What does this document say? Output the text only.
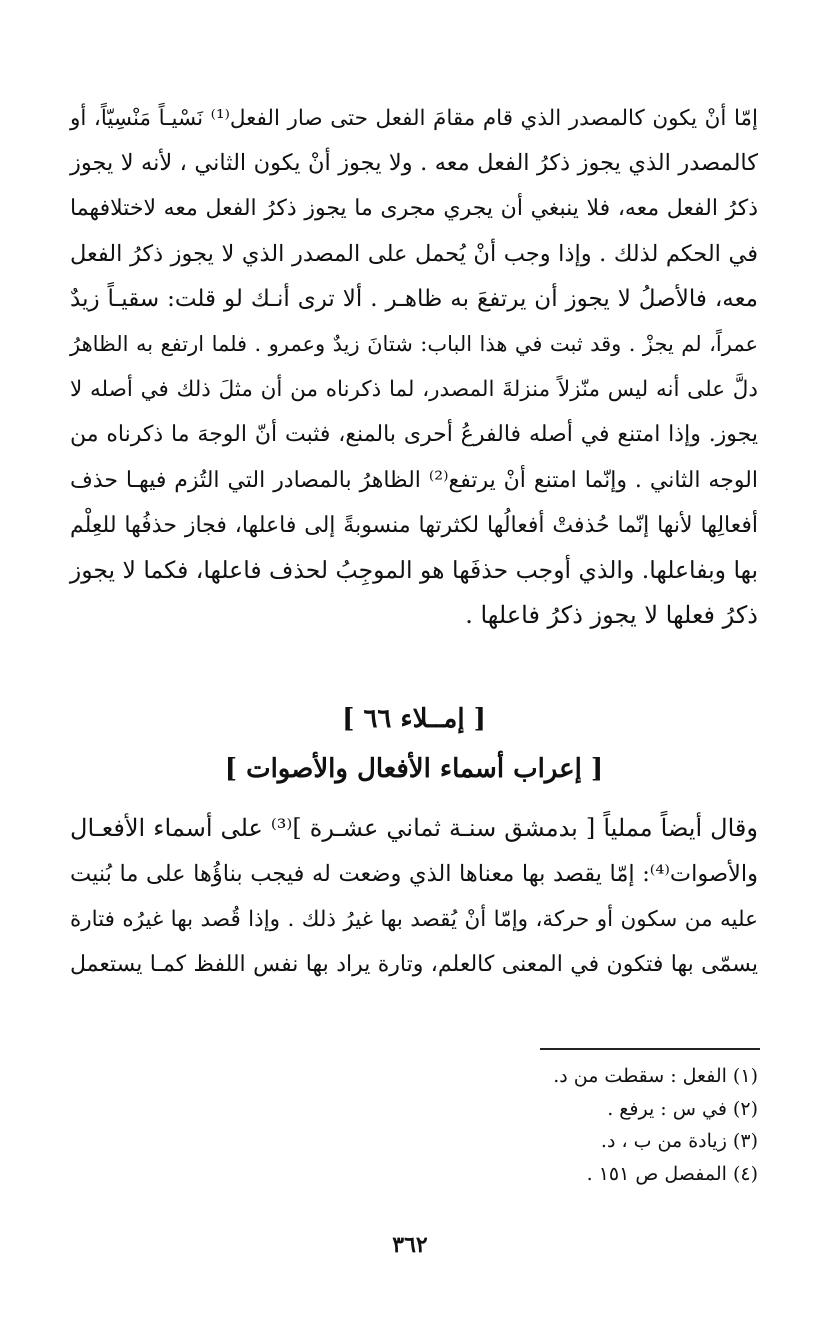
إمّا أنْ يكون كالمصدر الذي قام مقامَ الفعل حتى صار الفعل⁽¹⁾ نَسْيـاً مَنْسِيّاً، أو
كالمصدر الذي يجوز ذكرُ الفعل معه . ولا يجوز أنْ يكون الثاني ، لأنه لا يجوز
ذكرُ الفعل معه، فلا ينبغي أن يجري مجرى ما يجوز ذكرُ الفعل معه لاختلافهما
في الحكم لذلك . وإذا وجب أنْ يُحمل على المصدر الذي لا يجوز ذكرُ الفعل
معه، فالأصلُ لا يجوز أن يرتفعَ به ظاهـر . ألا ترى أنـك لو قلت: سقيـاً زيدٌ
عمراً، لم يجزْ . وقد ثبت في هذا الباب: شتانَ زيدٌ وعمرو . فلما ارتفع به الظاهرُ
دلَّ على أنه ليس منّزلاً منزلةَ المصدر، لما ذكرناه من أن مثلَ ذلك في أصله لا
يجوز. وإذا امتنع في أصله فالفرعُ أحرى بالمنع، فثبت أنّ الوجهَ ما ذكرناه من
الوجه الثاني . وإنّما امتنع أنْ يرتفع⁽²⁾ الظاهرُ بالمصادر التي التُزم فيهـا حذف
أفعالِها لأنها إنّما حُذفتْ أفعالُها لكثرتها منسوبةً إلى فاعلها، فجاز حذفُها للعِلْم
بها وبفاعلها. والذي أوجب حذفَها هو الموجِبُ لحذف فاعلها، فكما لا يجوز
ذكرُ فعلها لا يجوز ذكرُ فاعلها .

[ إمــلاء ٦٦ ]
[ إعراب أسماء الأفعال والأصوات ]

وقال أيضاً مملياً [ بدمشق سنـة ثماني عشـرة ]⁽³⁾ على أسماء الأفعـال
والأصوات⁽⁴⁾: إمّا يقصد بها معناها الذي وضعت له فيجب بناؤُها على ما بُنيت
عليه من سكون أو حركة، وإمّا أنْ يُقصد بها غيرُ ذلك . وإذا قُصد بها غيرُه فتارة
يسمّى بها فتكون في المعنى كالعلم، وتارة يراد بها نفس اللفظ كمـا يستعمل

(١) الفعل : سقطت من د.
(٢) في س : يرفع .
(٣) زيادة من ب ، د.
(٤) المفصل ص ١٥١ .
٣٦٢
